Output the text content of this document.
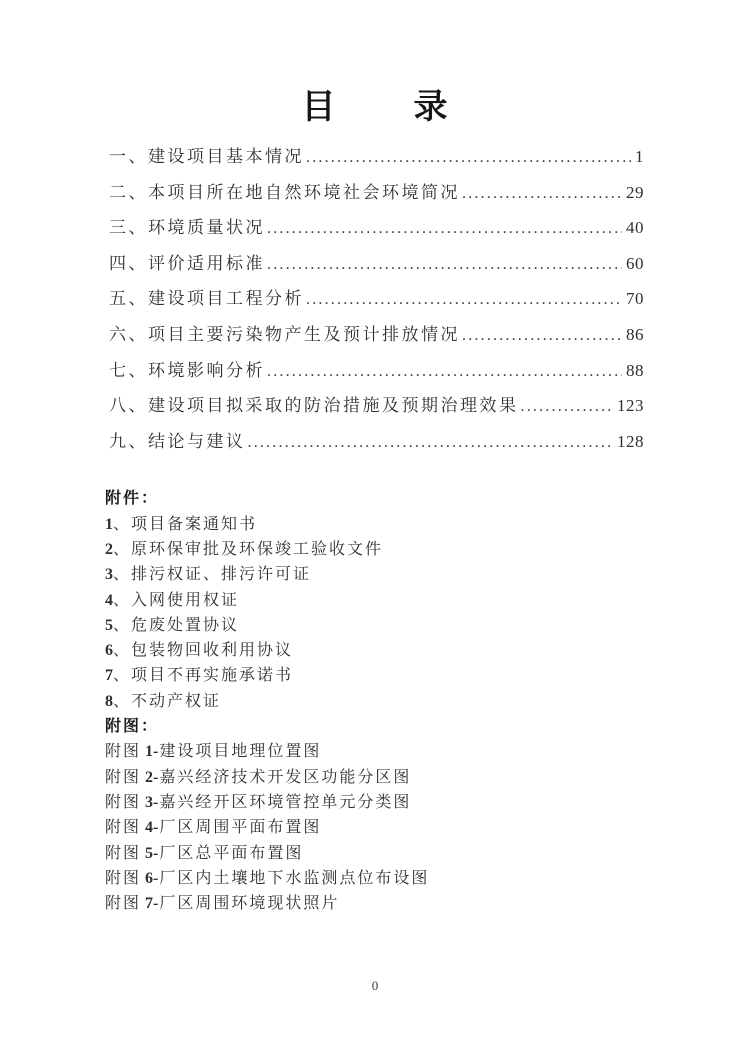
目 录
一、建设项目基本情况 .....	1
二、本项目所在地自然环境社会环境简况 .....	29
三、环境质量状况 .....	40
四、评价适用标准 .....	60
五、建设项目工程分析 .....	70
六、项目主要污染物产生及预计排放情况 .....	86
七、环境影响分析 .....	88
八、建设项目拟采取的防治措施及预期治理效果 .....	123
九、结论与建议 .....	128

附件：

1、项目备案通知书

2、原环保审批及环保竣工验收文件

3、排污权证、排污许可证

4、入网使用权证

5、危废处置协议

6、包装物回收利用协议

7、项目不再实施承诺书

8、不动产权证

附图：

附图 1-建设项目地理位置图

附图 2-嘉兴经济技术开发区功能分区图

附图 3-嘉兴经开区环境管控单元分类图

附图 4-厂区周围平面布置图

附图 5-厂区总平面布置图

附图 6-厂区内土壤地下水监测点位布设图

附图 7-厂区周围环境现状照片

0
